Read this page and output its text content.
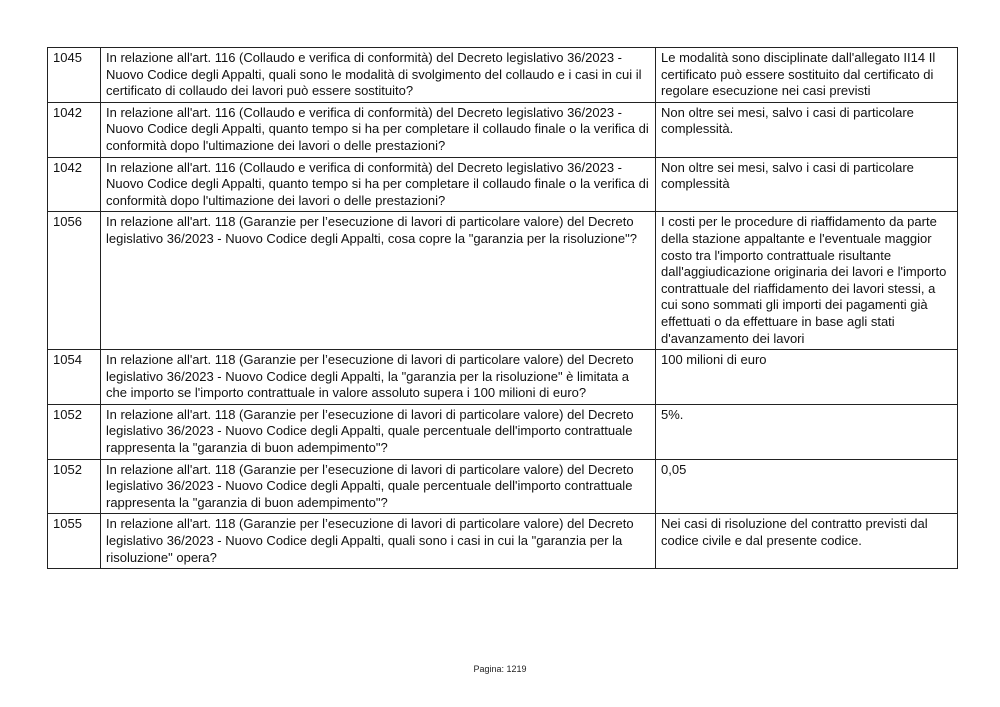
1045	In relazione all'art. 116 (Collaudo e verifica di conformità) del Decreto legislativo 36/2023 - Nuovo Codice degli Appalti, quali sono le modalità di svolgimento del collaudo e i casi in cui il certificato di collaudo dei lavori può essere sostituito?	Le modalità sono disciplinate dall'allegato II14 Il certificato può essere sostituito dal certificato di regolare esecuzione nei casi previsti
1042	In relazione all'art. 116 (Collaudo e verifica di conformità) del Decreto legislativo 36/2023 - Nuovo Codice degli Appalti, quanto tempo si ha per completare il collaudo finale o la verifica di conformità dopo l'ultimazione dei lavori o delle prestazioni?	Non oltre sei mesi, salvo i casi di particolare complessità.
1042	In relazione all'art. 116 (Collaudo e verifica di conformità) del Decreto legislativo 36/2023 - Nuovo Codice degli Appalti, quanto tempo si ha per completare il collaudo finale o la verifica di conformità dopo l'ultimazione dei lavori o delle prestazioni?	Non oltre sei mesi, salvo i casi di particolare complessità
1056	In relazione all'art. 118 (Garanzie per l’esecuzione di lavori di particolare valore) del Decreto legislativo 36/2023 - Nuovo Codice degli Appalti, cosa copre la "garanzia per la risoluzione"?	I costi per le procedure di riaffidamento da parte della stazione appaltante e l'eventuale maggior costo tra l'importo contrattuale risultante dall'aggiudicazione originaria dei lavori e l'importo contrattuale del riaffidamento dei lavori stessi, a cui sono sommati gli importi dei pagamenti già effettuati o da effettuare in base agli stati d'avanzamento dei lavori
1054	In relazione all'art. 118 (Garanzie per l’esecuzione di lavori di particolare valore) del Decreto legislativo 36/2023 - Nuovo Codice degli Appalti, la "garanzia per la risoluzione" è limitata a che importo se l'importo contrattuale in valore assoluto supera i 100 milioni di euro?	100 milioni di euro
1052	In relazione all'art. 118 (Garanzie per l’esecuzione di lavori di particolare valore) del Decreto legislativo 36/2023 - Nuovo Codice degli Appalti, quale percentuale dell'importo contrattuale rappresenta la "garanzia di buon adempimento"?	5%.
1052	In relazione all'art. 118 (Garanzie per l’esecuzione di lavori di particolare valore) del Decreto legislativo 36/2023 - Nuovo Codice degli Appalti, quale percentuale dell'importo contrattuale rappresenta la "garanzia di buon adempimento"?	0,05
1055	In relazione all'art. 118 (Garanzie per l’esecuzione di lavori di particolare valore) del Decreto legislativo 36/2023 - Nuovo Codice degli Appalti, quali sono i casi in cui la "garanzia per la risoluzione" opera?	Nei casi di risoluzione del contratto previsti dal codice civile e dal presente codice.
Pagina: 1219
